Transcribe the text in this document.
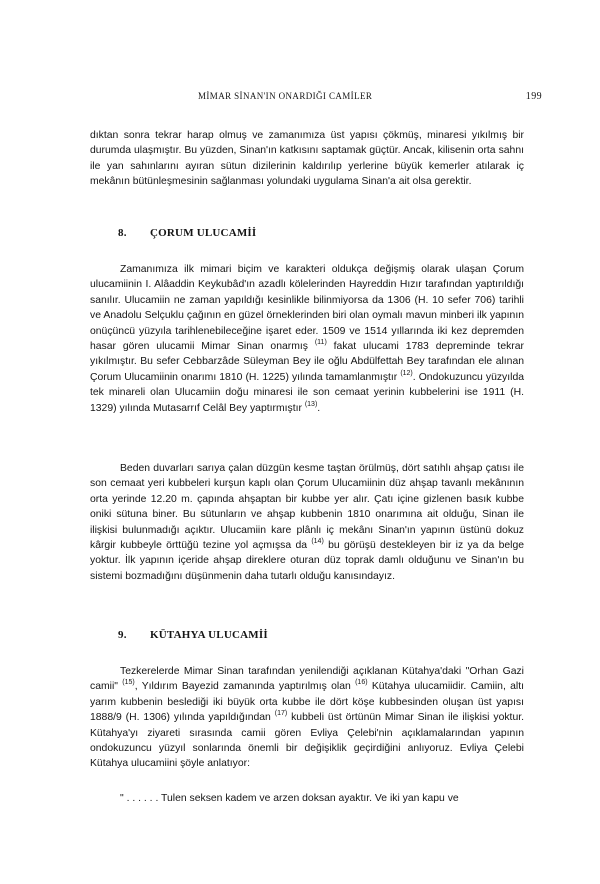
MİMAR SİNAN'IN ONARDIĞI CAMİLER	199
dıktan sonra tekrar harap olmuş ve zamanımıza üst yapısı çökmüş, minaresi yıkılmış bir durumda ulaşmıştır. Bu yüzden, Sinan'ın katkısını saptamak güçtür. Ancak, kilisenin orta sahnı ile yan sahınlarını ayıran sütun dizilerinin kaldırılıp yerlerine büyük kemerler atılarak iç mekânın bütünleşmesinin sağlanması yolundaki uygulama Sinan'a ait olsa gerektir.
8. ÇORUM ULUCAMİİ
Zamanımıza ilk mimari biçim ve karakteri oldukça değişmiş olarak ulaşan Çorum ulucamiinin I. Alâaddin Keykubâd'ın azadlı kölelerinden Hayreddin Hızır tarafından yaptırıldığı sanılır. Ulucamiin ne zaman yapıldığı kesinlikle bilinmiyorsa da 1306 (H. 10 sefer 706) tarihli ve Anadolu Selçuklu çağının en güzel örneklerinden biri olan oymalı mavun minberi ilk yapının onüçüncü yüzyıla tarihlenebileceğine işaret eder. 1509 ve 1514 yıllarında iki kez depremden hasar gören ulucamii Mimar Sinan onarmış $^{(11)}$ fakat ulucami 1783 depreminde tekrar yıkılmıştır. Bu sefer Cebbarzâde Süleyman Bey ile oğlu Abdülfettah Bey tarafından ele alınan Çorum Ulucamiinin onarımı 1810 (H. 1225) yılında tamamlanmıştır $^{(12)}$. Ondokuzuncu yüzyılda tek minareli olan Ulucamiin doğu minaresi ile son cemaat yerinin kubbelerini ise 1911 (H. 1329) yılında Mutasarrıf Celâl Bey yaptırmıştır $^{(13)}$.
Beden duvarları sarıya çalan düzgün kesme taştan örülmüş, dört satıhlı ahşap çatısı ile son cemaat yeri kubbeleri kurşun kaplı olan Çorum Ulucamiinin düz ahşap tavanlı mekânının orta yerinde 12.20 m. çapında ahşaptan bir kubbe yer alır. Çatı içine gizlenen basık kubbe oniki sütuna biner. Bu sütunların ve ahşap kubbenin 1810 onarımına ait olduğu, Sinan ile ilişkisi bulunmadığı açıktır. Ulucamiin kare plânlı iç mekânı Sinan'ın yapının üstünü dokuz kârgir kubbeyle örttüğü tezine yol açmışsa da $^{(14)}$ bu görüşü destekleyen bir iz ya da belge yoktur. İlk yapının içeride ahşap direklere oturan düz toprak damlı olduğunu ve Sinan'ın bu sistemi bozmadığını düşünmenin daha tutarlı olduğu kanısındayız.
9. KÜTAHYA ULUCAMİİ
Tezkerelerde Mimar Sinan tarafından yenilendiği açıklanan Kütahya'daki "Orhan Gazi camii" $^{(15)}$, Yıldırım Bayezid zamanında yaptırılmış olan $^{(16)}$ Kütahya ulucamiidir. Camiin, altı yarım kubbenin beslediği iki büyük orta kubbe ile dört köşe kubbesinden oluşan üst yapısı 1888/9 (H. 1306) yılında yapıldığından $^{(17)}$ kubbeli üst örtünün Mimar Sinan ile ilişkisi yoktur. Kütahya'yı ziyareti sırasında camii gören Evliya Çelebi'nin açıklamalarından yapının ondokuzuncu yüzyıl sonlarında önemli bir değişiklik geçirdiğini anlıyoruz. Evliya Çelebi Kütahya ulucamiini şöyle anlatıyor:
" . . . . . . Tulen seksen kadem ve arzen doksan ayaktır. Ve iki yan kapu ve
